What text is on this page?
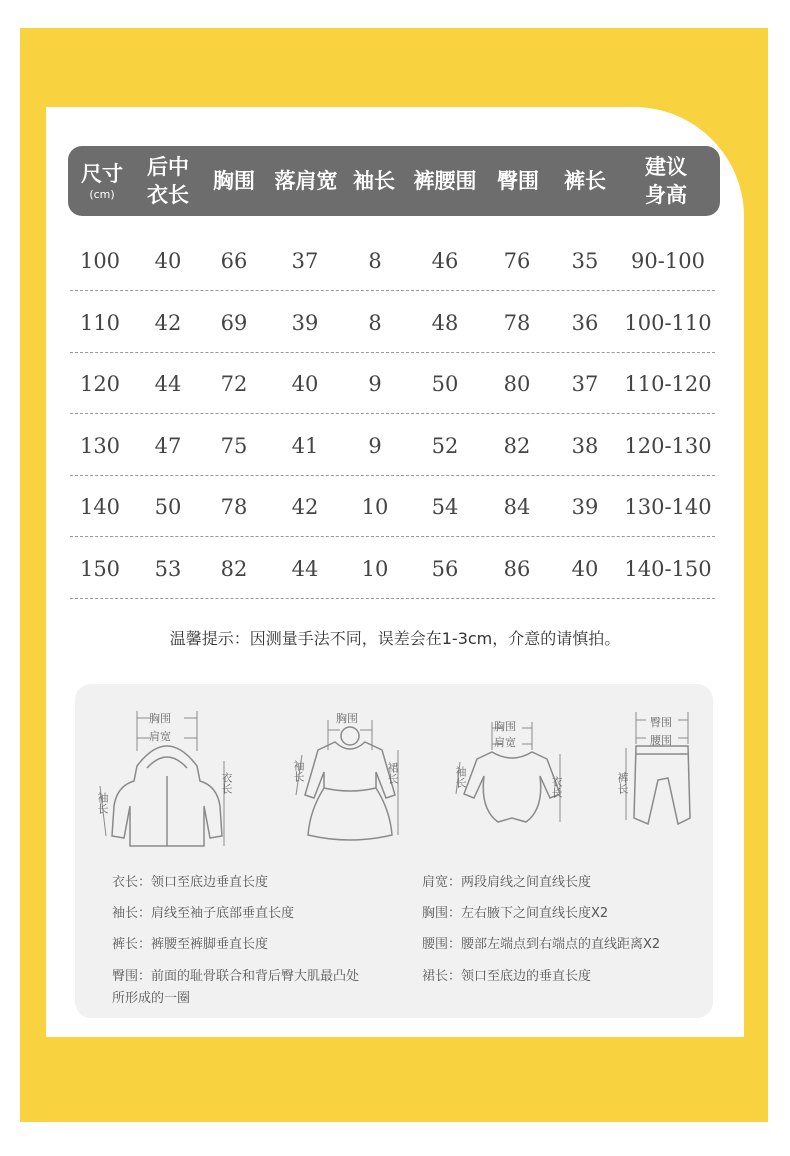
尺寸
(cm)
后中
衣长
胸围 落肩宽 袖长 裤腰围 臀围 裤长
建议
身高
100 40 66 37 8 46 76 35 90-100
110 42 69 39 8 48 78 36 100-110
120 44 72 40 9 50 80 37 110-120
130 47 75 41 9 52 82 38 120-130
140 50 78 42 10 54 84 39 130-140
150 53 82 44 10 56 86 40 140-150
温馨提示：因测量手法不同，误差会在1-3cm，介意的请慎拍。
胸围
肩宽
衣长
袖长
胸围
裙长
袖长
胸围
肩宽
衣长
袖长
臀围
腰围
裤长
衣长：领口至底边垂直长度
袖长：肩线至袖子底部垂直长度
裤长：裤腰至裤脚垂直长度
臀围：前面的耻骨联合和背后臀大肌最凸处
所形成的一圈
肩宽：两段肩线之间直线长度
胸围：左右腋下之间直线长度X2
腰围：腰部左端点到右端点的直线距离X2
裙长：领口至底边的垂直长度
